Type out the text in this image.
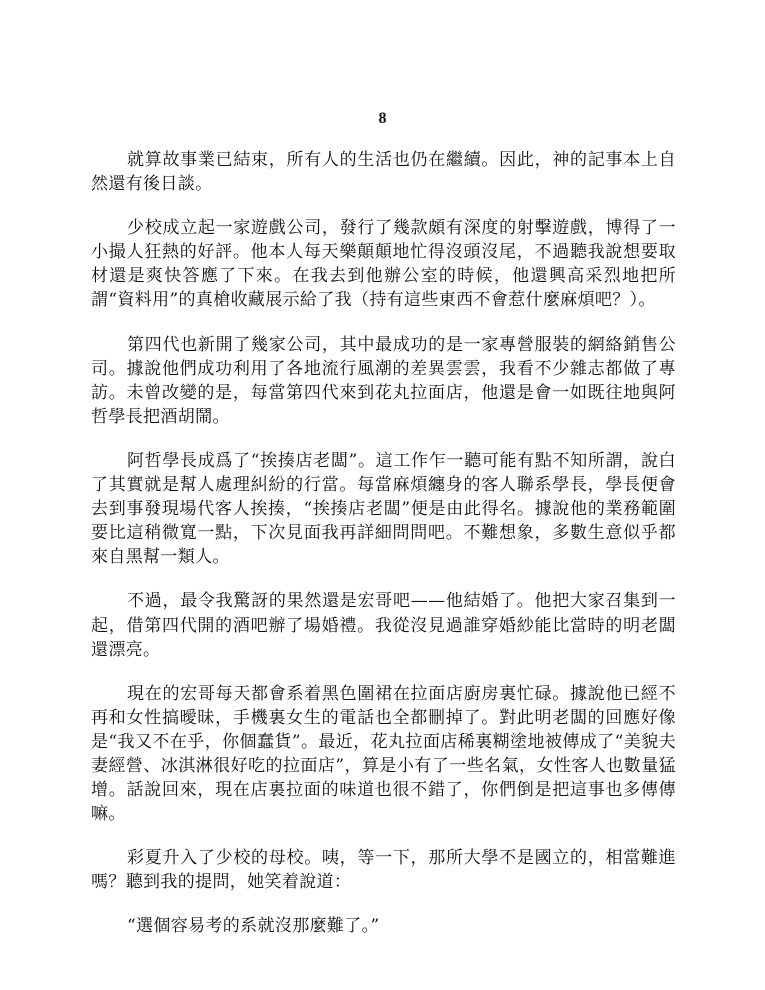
8

就算故事業已結束，所有人的生活也仍在繼續。因此，神的記事本上自然還有後日談。

少校成立起一家遊戲公司，發行了幾款頗有深度的射擊遊戲，博得了一小撮人狂熱的好評。他本人每天樂顛顛地忙得沒頭沒尾，不過聽我說想要取材還是爽快答應了下來。在我去到他辦公室的時候，他還興高采烈地把所謂“資料用”的真槍收藏展示給了我（持有這些東西不會惹什麼麻煩吧？）。

第四代也新開了幾家公司，其中最成功的是一家專營服裝的網絡銷售公司。據說他們成功利用了各地流行風潮的差異雲雲，我看不少雜志都做了專訪。未曾改變的是，每當第四代來到花丸拉面店，他還是會一如既往地與阿哲學長把酒胡鬧。

阿哲學長成爲了“挨揍店老闆”。這工作乍一聽可能有點不知所謂，說白了其實就是幫人處理糾紛的行當。每當麻煩纏身的客人聯系學長，學長便會去到事發現場代客人挨揍，“挨揍店老闆”便是由此得名。據說他的業務範圍要比這稍微寬一點，下次見面我再詳細問問吧。不難想象，多數生意似乎都來自黑幫一類人。

不過，最令我驚訝的果然還是宏哥吧——他結婚了。他把大家召集到一起，借第四代開的酒吧辦了場婚禮。我從沒見過誰穿婚紗能比當時的明老闆還漂亮。

現在的宏哥每天都會系着黑色圍裙在拉面店廚房裏忙碌。據說他已經不再和女性搞曖昧，手機裏女生的電話也全都刪掉了。對此明老闆的回應好像是“我又不在乎，你個蠢貨”。最近，花丸拉面店稀裏糊塗地被傳成了“美貌夫妻經營、冰淇淋很好吃的拉面店”，算是小有了一些名氣，女性客人也數量猛增。話說回來，現在店裏拉面的味道也很不錯了，你們倒是把這事也多傳傳嘛。

彩夏升入了少校的母校。咦，等一下，那所大學不是國立的，相當難進嗎？聽到我的提問，她笑着說道：

“選個容易考的系就沒那麼難了。”
